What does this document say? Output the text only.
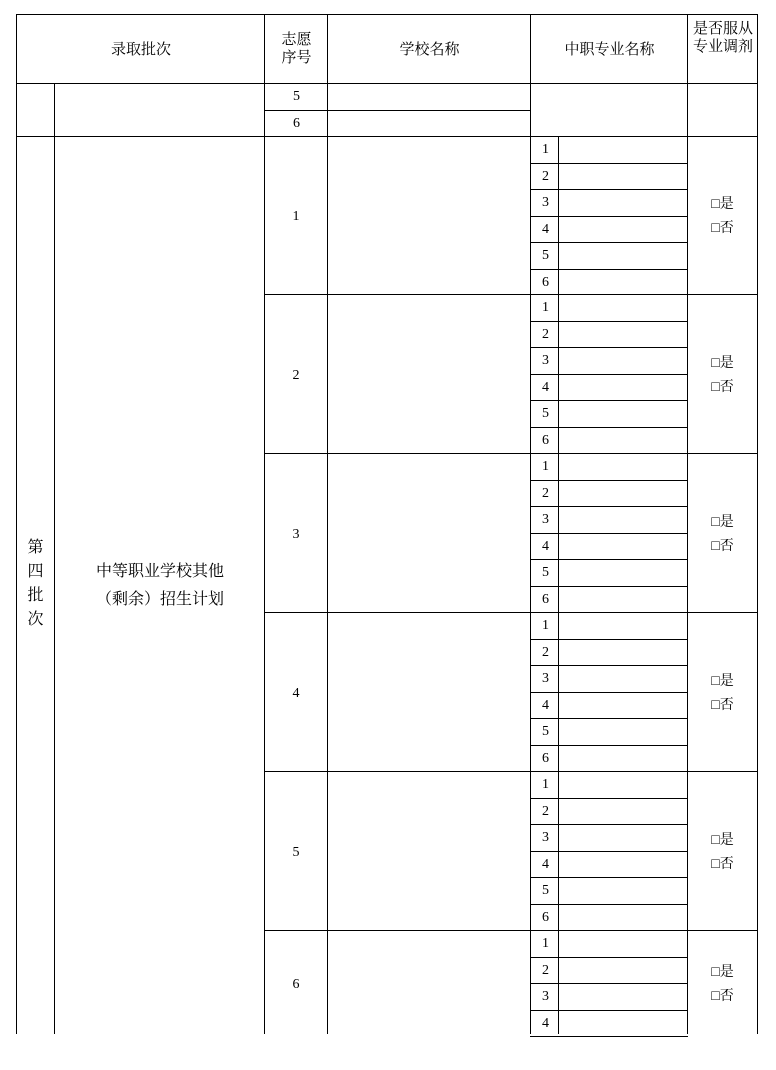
录取批次
志愿序号	学校名称	中职专业名称
是否服从专业调剂
5
6
第四批次
中等职业学校其他
（剩余）招生计划
1
2
3
4
5
6
1
□是
□否
1
2
3
4
5
6
2
□是
□否
1
2
3
4
5
6
3
□是
□否
1
2
3
4
5
6
4
□是
□否
1
2
3
4
5
6
5
□是
□否
1
2
3
4
6
□是
□否
